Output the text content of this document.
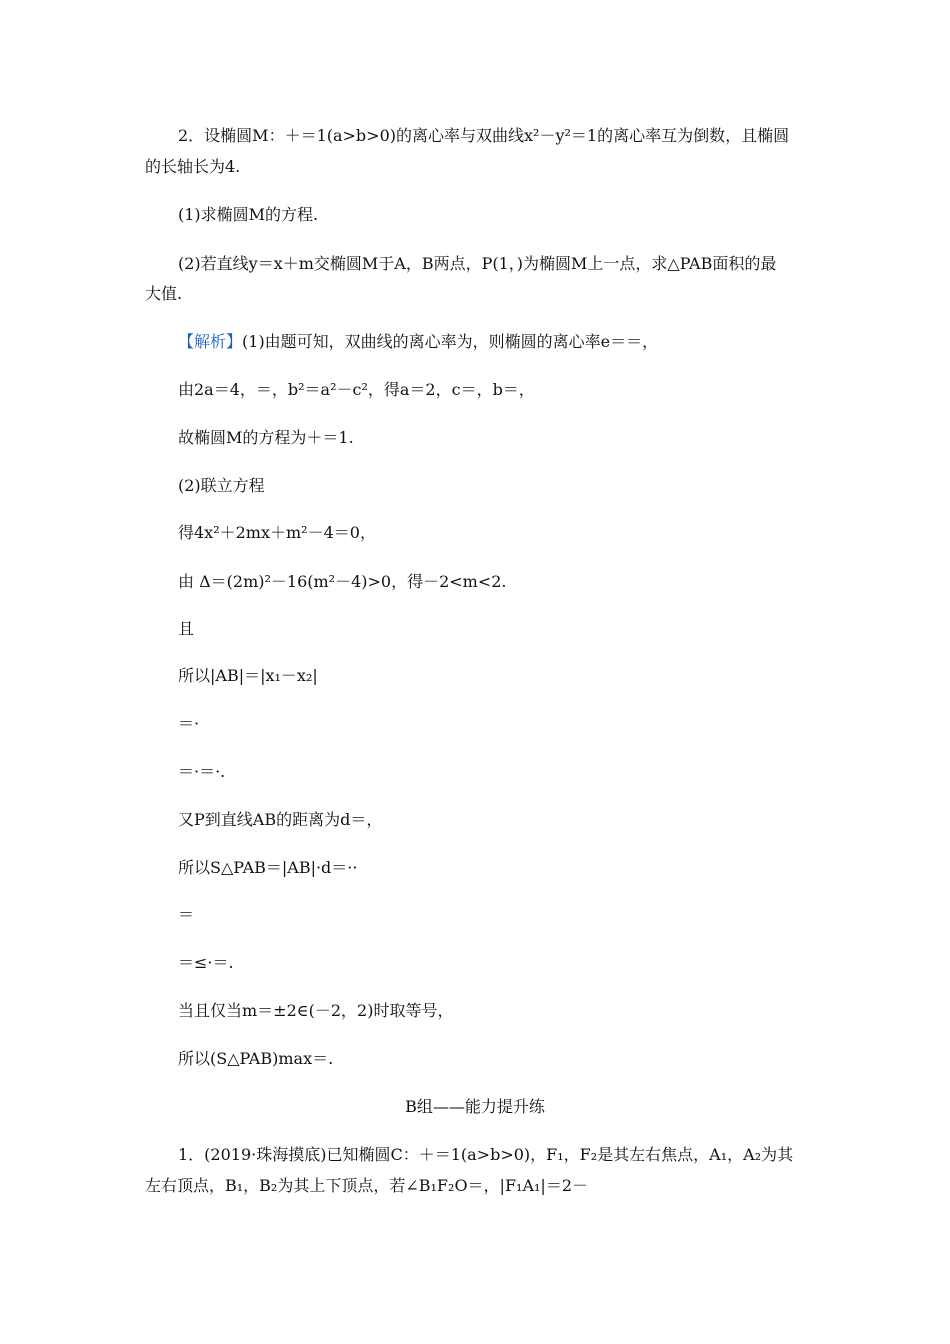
2．设椭圆M：＋＝1(a>b>0)的离心率与双曲线x²－y²＝1的离心率互为倒数，且椭圆
的长轴长为4.
(1)求椭圆M的方程.
(2)若直线y＝x＋m交椭圆M于A，B两点，P(1，)为椭圆M上一点，求△PAB面积的最
大值.
【解析】(1)由题可知，双曲线的离心率为，则椭圆的离心率e＝＝，
由2a＝4，＝，b²＝a²－c²，得a＝2，c＝，b＝，
故椭圆M的方程为＋＝1.
(2)联立方程
得4x²＋2mx＋m²－4＝0，
由 Δ＝(2m)²－16(m²－4)>0，得－2<m<2.
且
所以|AB|＝|x₁－x₂|
＝·
＝·＝·.
又P到直线AB的距离为d＝，
所以S△PAB＝|AB|·d＝··
＝
＝≤·＝.
当且仅当m＝±2∈(－2，2)时取等号，
所以(S△PAB)max＝.
B组——能力提升练
1．(2019·珠海摸底)已知椭圆C：＋＝1(a>b>0)，F₁，F₂是其左右焦点，A₁，A₂为其
左右顶点，B₁，B₂为其上下顶点，若∠B₁F₂O＝，|F₁A₁|＝2－
